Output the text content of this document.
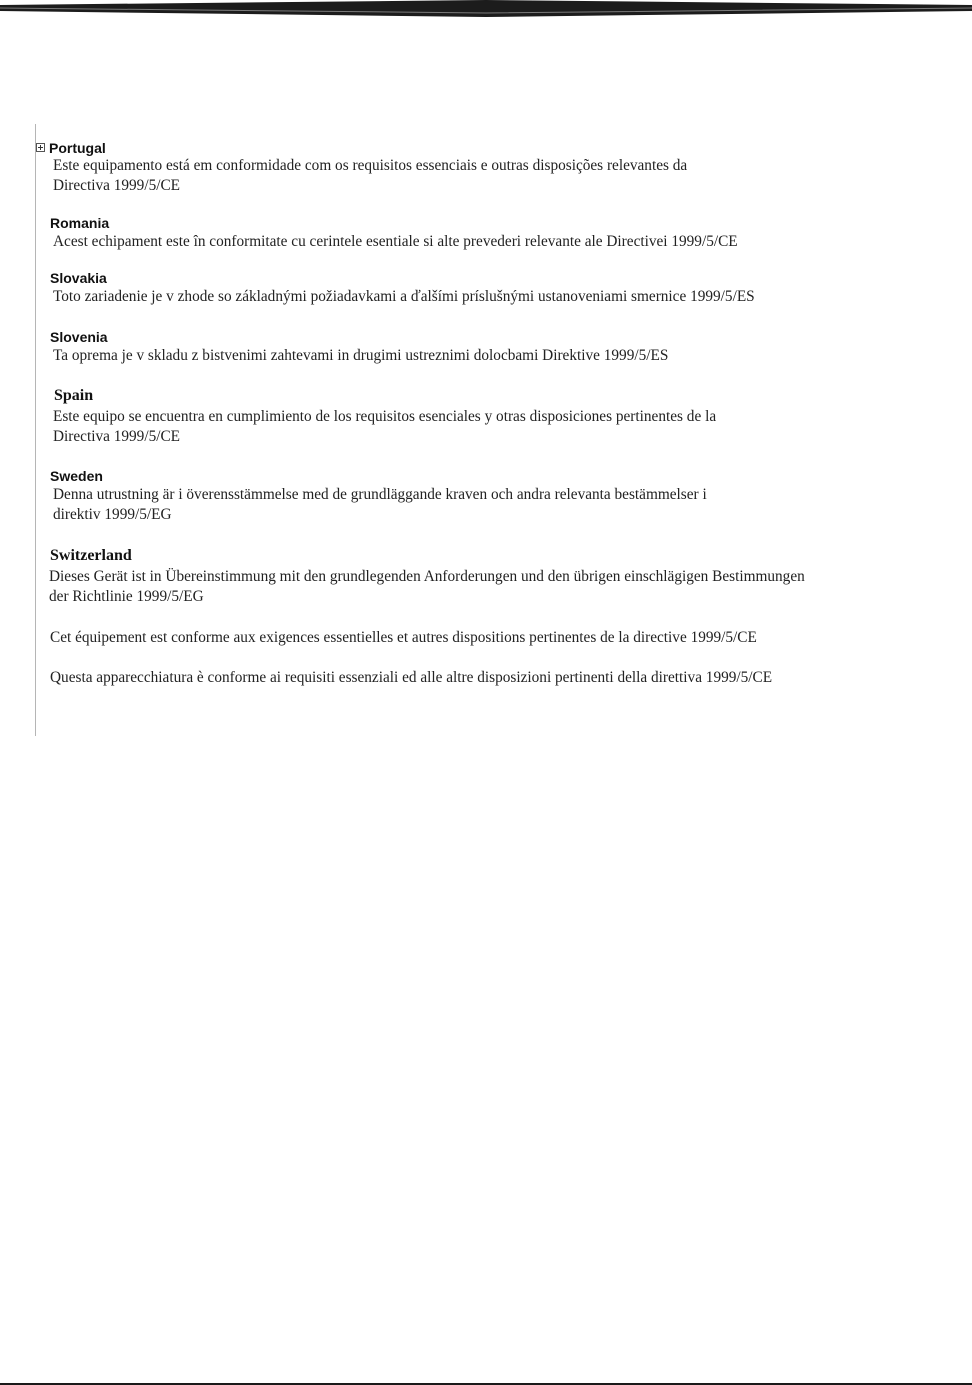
Portugal

Este equipamento está em conformidade com os requisitos essenciais e outras disposições relevantes da

Directiva 1999/5/CE

Romania

Acest echipament este în conformitate cu cerintele esentiale si alte prevederi relevante ale Directivei 1999/5/CE

Slovakia

Toto zariadenie je v zhode so základnými požiadavkami a ďalšími príslušnými ustanoveniami smernice 1999/5/ES

Slovenia

Ta oprema je v skladu z bistvenimi zahtevami in drugimi ustreznimi dolocbami Direktive 1999/5/ES

Spain

Este equipo se encuentra en cumplimiento de los requisitos esenciales y otras disposiciones pertinentes de la

Directiva 1999/5/CE

Sweden

Denna utrustning är i överensstämmelse med de grundläggande kraven och andra relevanta bestämmelser i

direktiv 1999/5/EG

Switzerland

Dieses Gerät ist in Übereinstimmung mit den grundlegenden Anforderungen und den übrigen einschlägigen Bestimmungen

der Richtlinie 1999/5/EG

Cet équipement est conforme aux exigences essentielles et autres dispositions pertinentes de la directive 1999/5/CE

Questa apparecchiatura è conforme ai requisiti essenziali ed alle altre disposizioni pertinenti della direttiva 1999/5/CE
